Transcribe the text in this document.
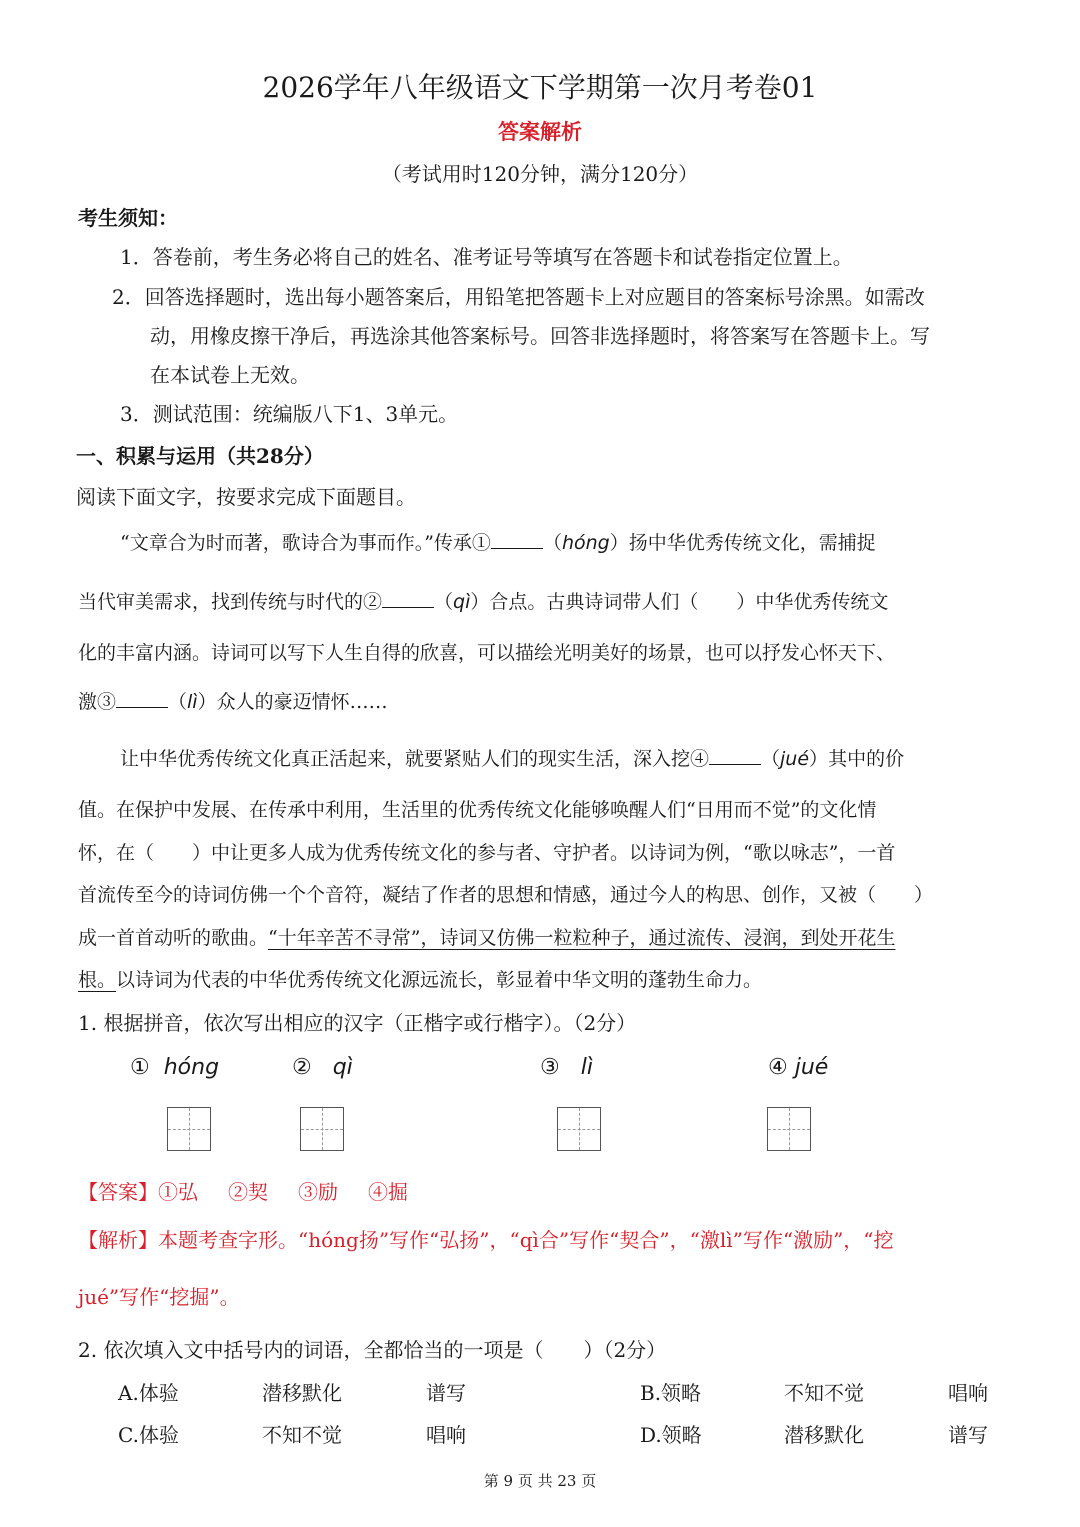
2026学年八年级语文下学期第一次月考卷01
答案解析
（考试用时120分钟，满分120分）
考生须知：
1．答卷前，考生务必将自己的姓名、准考证号等填写在答题卡和试卷指定位置上。
2．回答选择题时，选出每小题答案后，用铅笔把答题卡上对应题目的答案标号涂黑。如需改
动，用橡皮擦干净后，再选涂其他答案标号。回答非选择题时，将答案写在答题卡上。写
在本试卷上无效。
3．测试范围：统编版八下1、3单元。
一、积累与运用（共28分）
阅读下面文字，按要求完成下面题目。
“文章合为时而著，歌诗合为事而作。”传承①	（hóng）扬中华优秀传统文化，需捕捉
当代审美需求，找到传统与时代的②	（qì）合点。古典诗词带人们（　　）中华优秀传统文
化的丰富内涵。诗词可以写下人生自得的欣喜，可以描绘光明美好的场景，也可以抒发心怀天下、
激③	（lì）众人的豪迈情怀……
让中华优秀传统文化真正活起来，就要紧贴人们的现实生活，深入挖④	（jué）其中的价
值。在保护中发展、在传承中利用，生活里的优秀传统文化能够唤醒人们“日用而不觉”的文化情
怀，在（　　）中让更多人成为优秀传统文化的参与者、守护者。以诗词为例，“歌以咏志”，一首
首流传至今的诗词仿佛一个个音符，凝结了作者的思想和情感，通过今人的构思、创作，又被（　　）
成一首首动听的歌曲。“十年辛苦不寻常”，诗词又仿佛一粒粒种子，通过流传、浸润，到处开花生
根。以诗词为代表的中华优秀传统文化源远流长，彰显着中华文明的蓬勃生命力。
1. 根据拼音，依次写出相应的汉字（正楷字或行楷字）。（2分）
① hóng	② qì	③ lì	④ jué
【答案】①弘 ②契 ③励 ④掘
【解析】本题考查字形。“hóng扬”写作“弘扬”，“qì合”写作“契合”，“激lì”写作“激励”，“挖
jué”写作“挖掘”。
2. 依次填入文中括号内的词语，全都恰当的一项是（　　）（2分）
A.体验	潜移默化	谱写	B.领略	不知不觉	唱响
C.体验	不知不觉	唱响	D.领略	潜移默化	谱写
第 9 页 共 23 页
